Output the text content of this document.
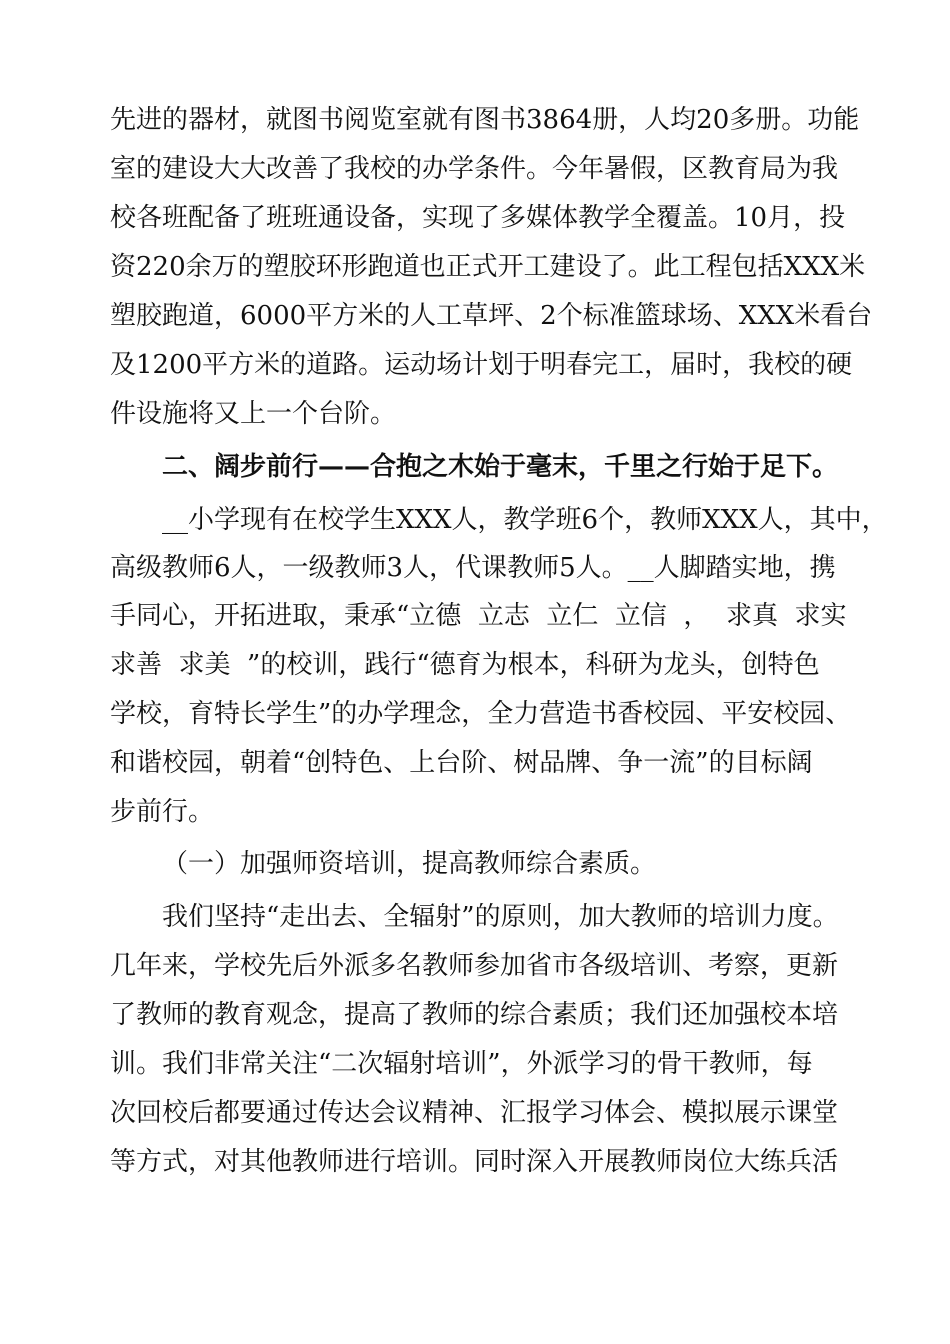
先进的器材，就图书阅览室就有图书3864册，人均20多册。功能
室的建设大大改善了我校的办学条件。今年暑假，区教育局为我
校各班配备了班班通设备，实现了多媒体教学全覆盖。10月，投
资220余万的塑胶环形跑道也正式开工建设了。此工程包括XXX米
塑胶跑道，6000平方米的人工草坪、2个标准篮球场、XXX米看台
及1200平方米的道路。运动场计划于明春完工，届时，我校的硬
件设施将又上一个台阶。
二、阔步前行——合抱之木始于毫末，千里之行始于足下。
__小学现有在校学生XXX人，教学班6个，教师XXX人，其中，
高级教师6人，一级教师3人，代课教师5人。__人脚踏实地，携
手同心，开拓进取，秉承“立德  立志  立仁  立信  ，  求真  求实
求善  求美  ”的校训，践行“德育为根本，科研为龙头，创特色
学校，育特长学生”的办学理念，全力营造书香校园、平安校园、
和谐校园，朝着“创特色、上台阶、树品牌、争一流”的目标阔
步前行。
（一）加强师资培训，提高教师综合素质。
我们坚持“走出去、全辐射”的原则，加大教师的培训力度。
几年来，学校先后外派多名教师参加省市各级培训、考察，更新
了教师的教育观念，提高了教师的综合素质；我们还加强校本培
训。我们非常关注“二次辐射培训”，外派学习的骨干教师，每
次回校后都要通过传达会议精神、汇报学习体会、模拟展示课堂
等方式，对其他教师进行培训。同时深入开展教师岗位大练兵活
